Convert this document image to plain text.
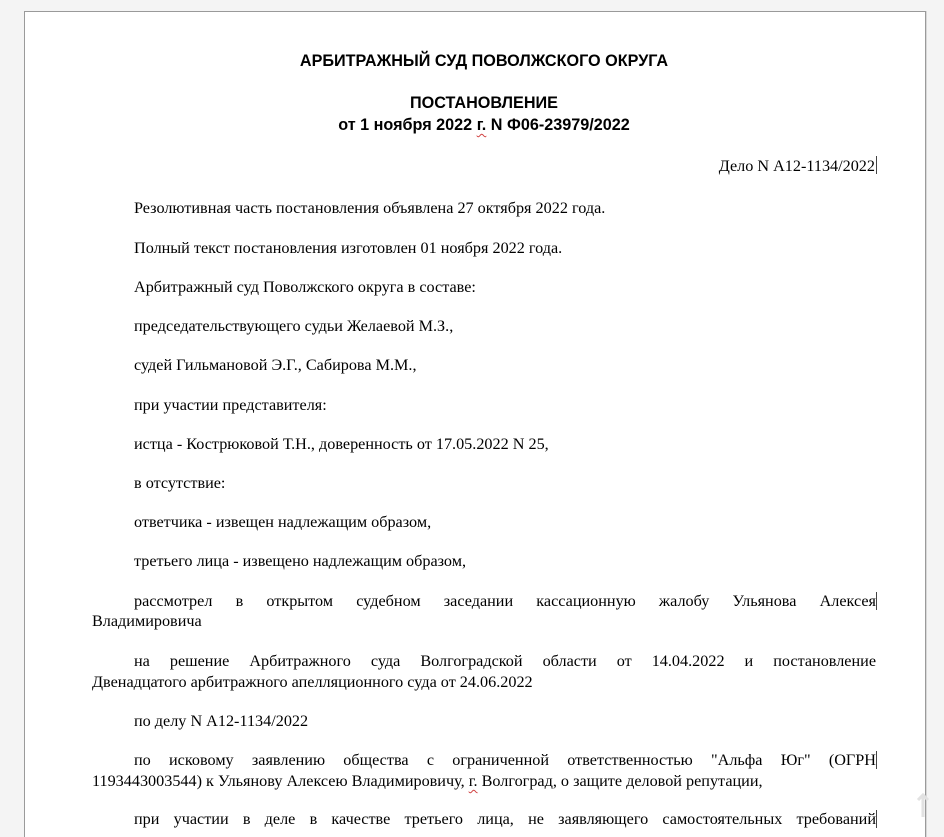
АРБИТРАЖНЫЙ СУД ПОВОЛЖСКОГО ОКРУГА
ПОСТАНОВЛЕНИЕ
от 1 ноября 2022 г. N Ф06-23979/2022
Дело N А12-1134/2022
Резолютивная часть постановления объявлена 27 октября 2022 года.
Полный текст постановления изготовлен 01 ноября 2022 года.
Арбитражный суд Поволжского округа в составе:
председательствующего судьи Желаевой М.З.,
судей Гильмановой Э.Г., Сабирова М.М.,
при участии представителя:
истца - Кострюковой Т.Н., доверенность от 17.05.2022 N 25,
в отсутствие:
ответчика - извещен надлежащим образом,
третьего лица - извещено надлежащим образом,
рассмотрел в открытом судебном заседании кассационную жалобу Ульянова Алексея
Владимировича
на решение Арбитражного суда Волгоградской области от 14.04.2022 и постановление
Двенадцатого арбитражного апелляционного суда от 24.06.2022
по делу N А12-1134/2022
по исковому заявлению общества с ограниченной ответственностью "Альфа Юг" (ОГРН
1193443003544) к Ульянову Алексею Владимировичу, г. Волгоград, о защите деловой репутации,
при участии в деле в качестве третьего лица, не заявляющего самостоятельных требований
